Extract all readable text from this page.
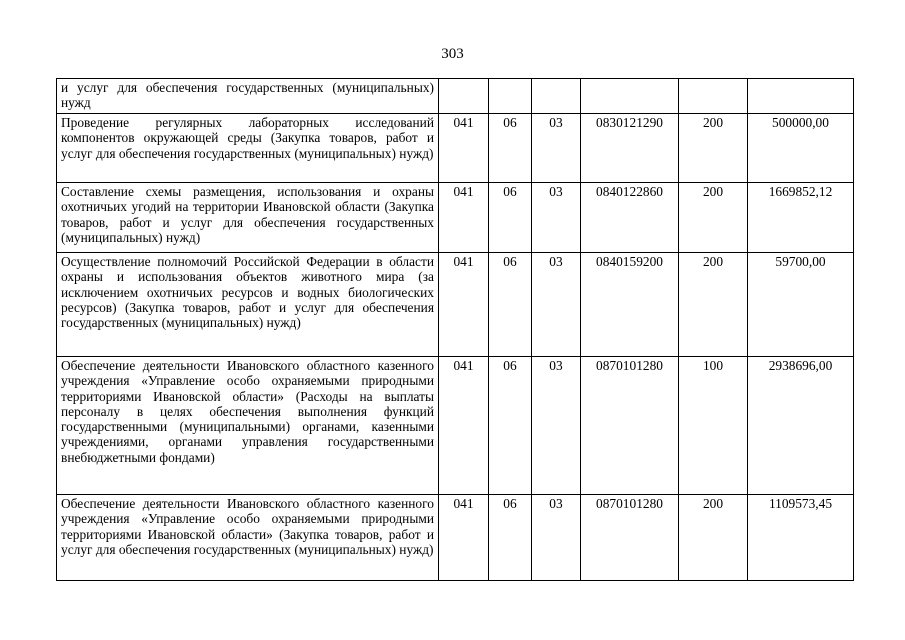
303
и услуг для обеспечения государственных (муниципальных) нужд						
Проведение регулярных лабораторных исследований компонентов окружающей среды (Закупка товаров, работ и услуг для обеспечения государственных (муниципальных) нужд)	041	06	03	0830121290	200	500000,00
Составление схемы размещения, использования и охраны охотничьих угодий на территории Ивановской области (Закупка товаров, работ и услуг для обеспечения государственных (муниципальных) нужд)	041	06	03	0840122860	200	1669852,12
Осуществление полномочий Российской Федерации в области охраны и использования объектов животного мира (за исключением охотничьих ресурсов и водных биологических ресурсов) (Закупка товаров, работ и услуг для обеспечения государственных (муниципальных) нужд)	041	06	03	0840159200	200	59700,00
Обеспечение деятельности Ивановского областного казенного учреждения «Управление особо охраняемыми природными территориями Ивановской области» (Расходы на выплаты персоналу в целях обеспечения выполнения функций государственными (муниципальными) органами, казенными учреждениями, органами управления государственными внебюджетными фондами)	041	06	03	0870101280	100	2938696,00
Обеспечение деятельности Ивановского областного казенного учреждения «Управление особо охраняемыми природными территориями Ивановской области» (Закупка товаров, работ и услуг для обеспечения государственных (муниципальных) нужд)	041	06	03	0870101280	200	1109573,45
